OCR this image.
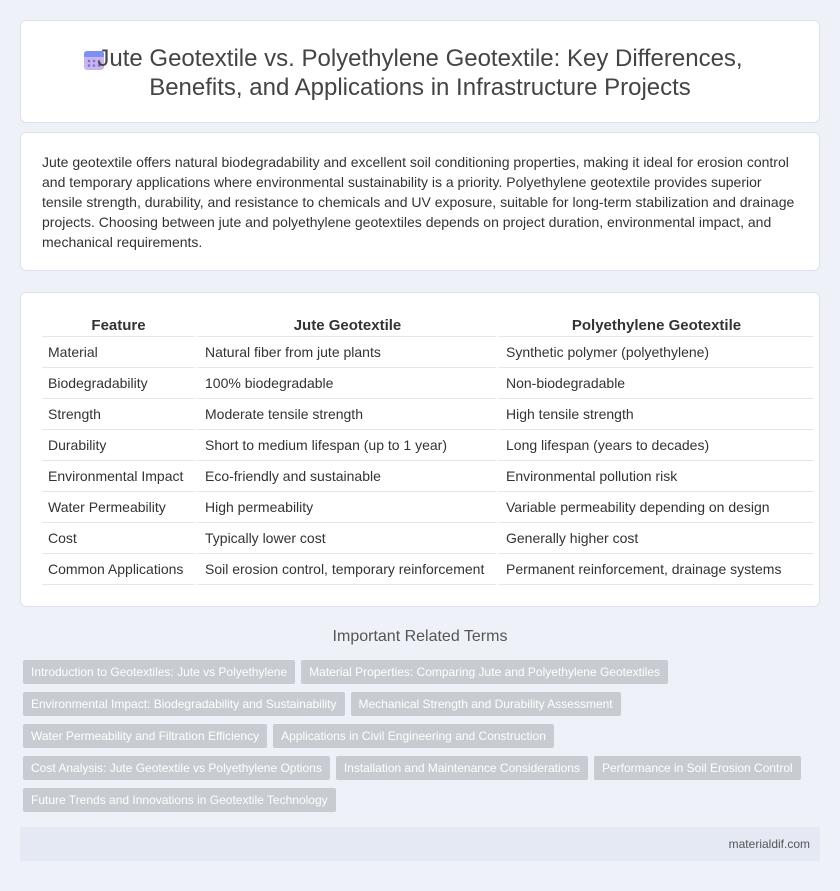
Jute Geotextile vs. Polyethylene Geotextile: Key Differences,
Benefits, and Applications in Infrastructure Projects

Jute geotextile offers natural biodegradability and excellent soil conditioning properties, making it ideal for erosion control and temporary applications where environmental sustainability is a priority. Polyethylene geotextile provides superior tensile strength, durability, and resistance to chemicals and UV exposure, suitable for long-term stabilization and drainage projects. Choosing between jute and polyethylene geotextiles depends on project duration, environmental impact, and mechanical requirements.

Feature	Jute Geotextile	Polyethylene Geotextile
Material	Natural fiber from jute plants	Synthetic polymer (polyethylene)
Biodegradability	100% biodegradable	Non-biodegradable
Strength	Moderate tensile strength	High tensile strength
Durability	Short to medium lifespan (up to 1 year)	Long lifespan (years to decades)
Environmental Impact	Eco-friendly and sustainable	Environmental pollution risk
Water Permeability	High permeability	Variable permeability depending on design
Cost	Typically lower cost	Generally higher cost
Common Applications	Soil erosion control, temporary reinforcement	Permanent reinforcement, drainage systems
Important Related Terms
Introduction to Geotextiles: Jute vs Polyethylene Material Properties: Comparing Jute and Polyethylene Geotextiles
Environmental Impact: Biodegradability and Sustainability Mechanical Strength and Durability Assessment
Water Permeability and Filtration Efficiency Applications in Civil Engineering and Construction
Cost Analysis: Jute Geotextile vs Polyethylene Options Installation and Maintenance Considerations Performance in Soil Erosion Control
Future Trends and Innovations in Geotextile Technology
materialdif.com
